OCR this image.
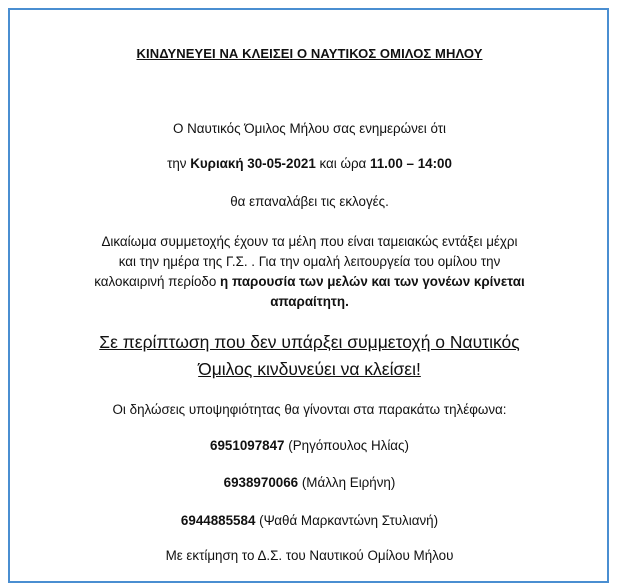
ΚΙΝΔΥΝΕΥΕΙ ΝΑ ΚΛΕΙΣΕΙ Ο ΝΑΥΤΙΚΟΣ ΟΜΙΛΟΣ ΜΗΛΟΥ
Ο Ναυτικός Όμιλος Μήλου σας ενημερώνει ότι
την Κυριακή 30-05-2021 και ώρα 11.00 – 14:00
θα επαναλάβει τις εκλογές.
Δικαίωμα συμμετοχής έχουν τα μέλη που είναι ταμειακώς εντάξει μέχρι
και την ημέρα της Γ.Σ. . Για την ομαλή λειτουργεία του ομίλου την
καλοκαιρινή περίοδο η παρουσία των μελών και των γονέων κρίνεται
απαραίτητη.
Σε περίπτωση που δεν υπάρξει συμμετοχή ο Ναυτικός
Όμιλος κινδυνεύει να κλείσει!
Οι δηλώσεις υποψηφιότητας θα γίνονται στα παρακάτω τηλέφωνα:
6951097847 (Ρηγόπουλος Ηλίας)
6938970066 (Μάλλη Ειρήνη)
6944885584 (Ψαθά Μαρκαντώνη Στυλιανή)
Με εκτίμηση το Δ.Σ. του Ναυτικού Ομίλου Μήλου
